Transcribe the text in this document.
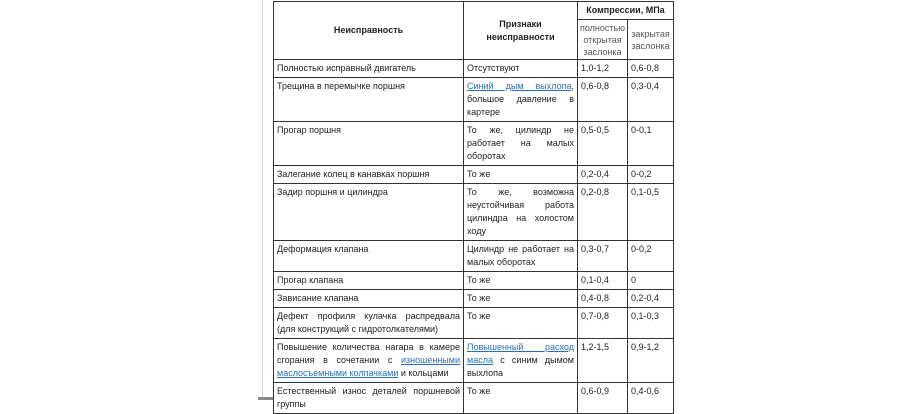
Неисправность	Признаки неисправности	Компрессии, МПа	
		полностью открытая заслонка	закрытая заслонка
Полностью исправный двигатель	Отсутствуют	1,0-1,2	0,6-0,8
Трещина в перемычке поршня	Синий дым выхлопа, большое давление в картере	0,6-0,8	0,3-0,4
Прогар поршня	То же, цилиндр не работает на малых оборотах	0,5-0,5	0-0,1
Залегание колец в канавках поршня	То же	0,2-0,4	0-0,2
Задир поршня и цилиндра	То же, возможна неустойчивая работа цилиндра на холостом ходу	0,2-0,8	0,1-0,5
Деформация клапана	Цилиндр не работает на малых оборотах	0,3-0,7	0-0,2
Прогар клапана	То же	0,1-0,4	0
Зависание клапана	То же	0,4-0,8	0,2-0,4
Дефект профиля кулачка распредвала (для конструкций с гидротолкателями)	То же	0,7-0,8	0,1-0,3
Повышение количества нагара в камере сгорания в сочетании с изношенными маслосъемными колпачками и кольцами	Повышенный расход масла с синим дымом выхлопа	1,2-1,5	0,9-1,2
Естественный износ деталей поршневой группы	То же	0,6-0,9	0,4-0,6
